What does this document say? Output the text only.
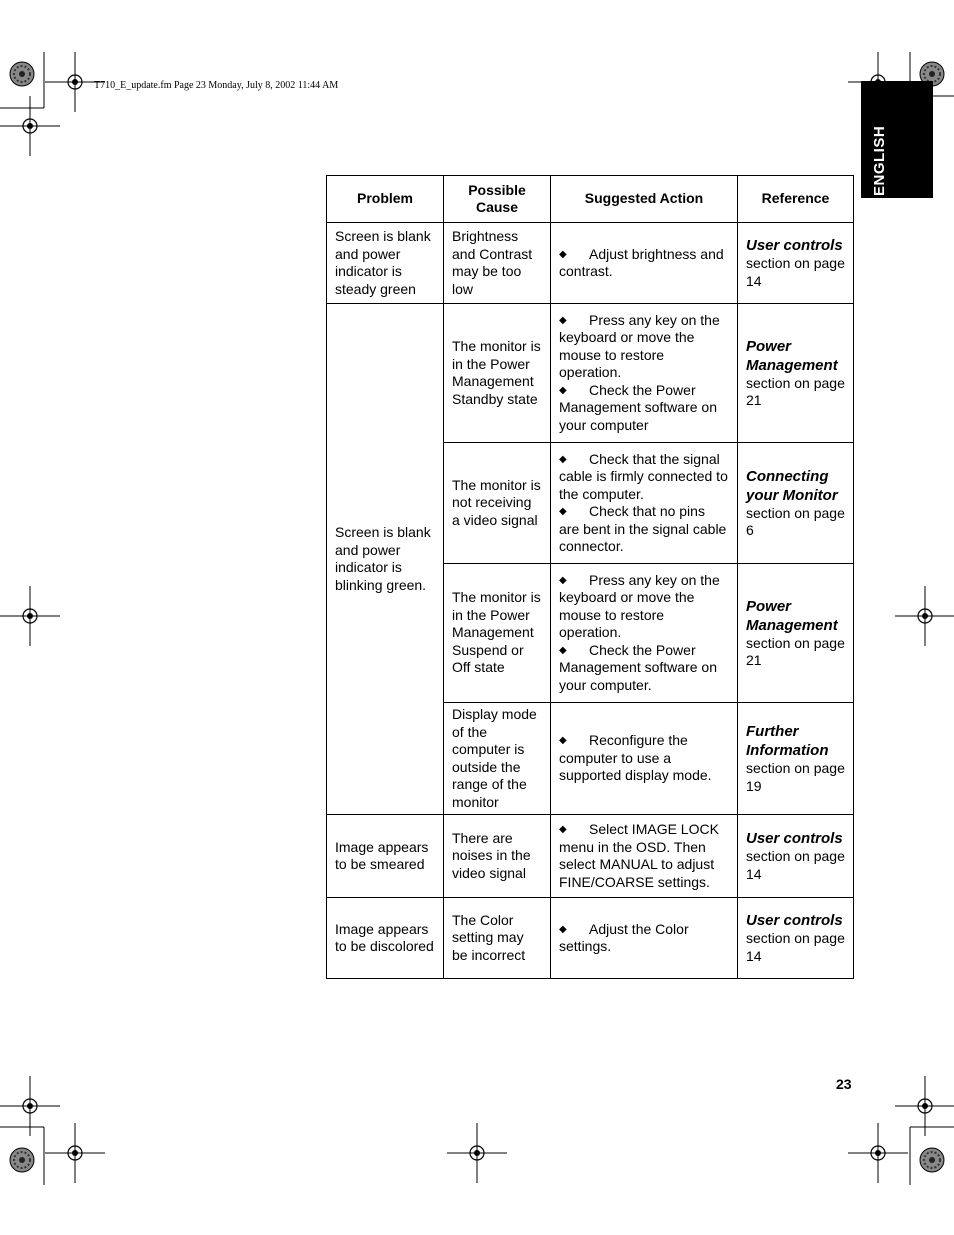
T710_E_update.fm Page 23 Monday, July 8, 2002 11:44 AM
ENGLISH
Problem	Possible Cause	Suggested Action	Reference

Screen is blank and power indicator is steady green	Brightness and Contrast may be too low	◆ Adjust brightness and contrast.	User controls
section on page 14

Screen is blank and power indicator is blinking green.	The monitor is in the Power Management Standby state	◆ Press any key on the keyboard or move the mouse to restore operation.
◆ Check the Power Management software on your computer	Power Management
section on page 21

	The monitor is not receiving a video signal	◆ Check that the signal cable is firmly connected to the computer.
◆ Check that no pins are bent in the signal cable connector.	Connecting your Monitor
section on page 6

	The monitor is in the Power Management Suspend or Off state	◆ Press any key on the keyboard or move the mouse to restore operation.
◆ Check the Power Management software on your computer.	Power Management
section on page 21

	Display mode of the computer is outside the range of the monitor	◆ Reconfigure the computer to use a supported display mode.	Further Information
section on page 19

Image appears to be smeared	There are noises in the video signal	◆ Select IMAGE LOCK menu in the OSD. Then select MANUAL to adjust FINE/COARSE settings.	User controls
section on page 14

Image appears to be discolored	The Color setting may be incorrect	◆ Adjust the Color settings.	User controls
section on page 14
23
